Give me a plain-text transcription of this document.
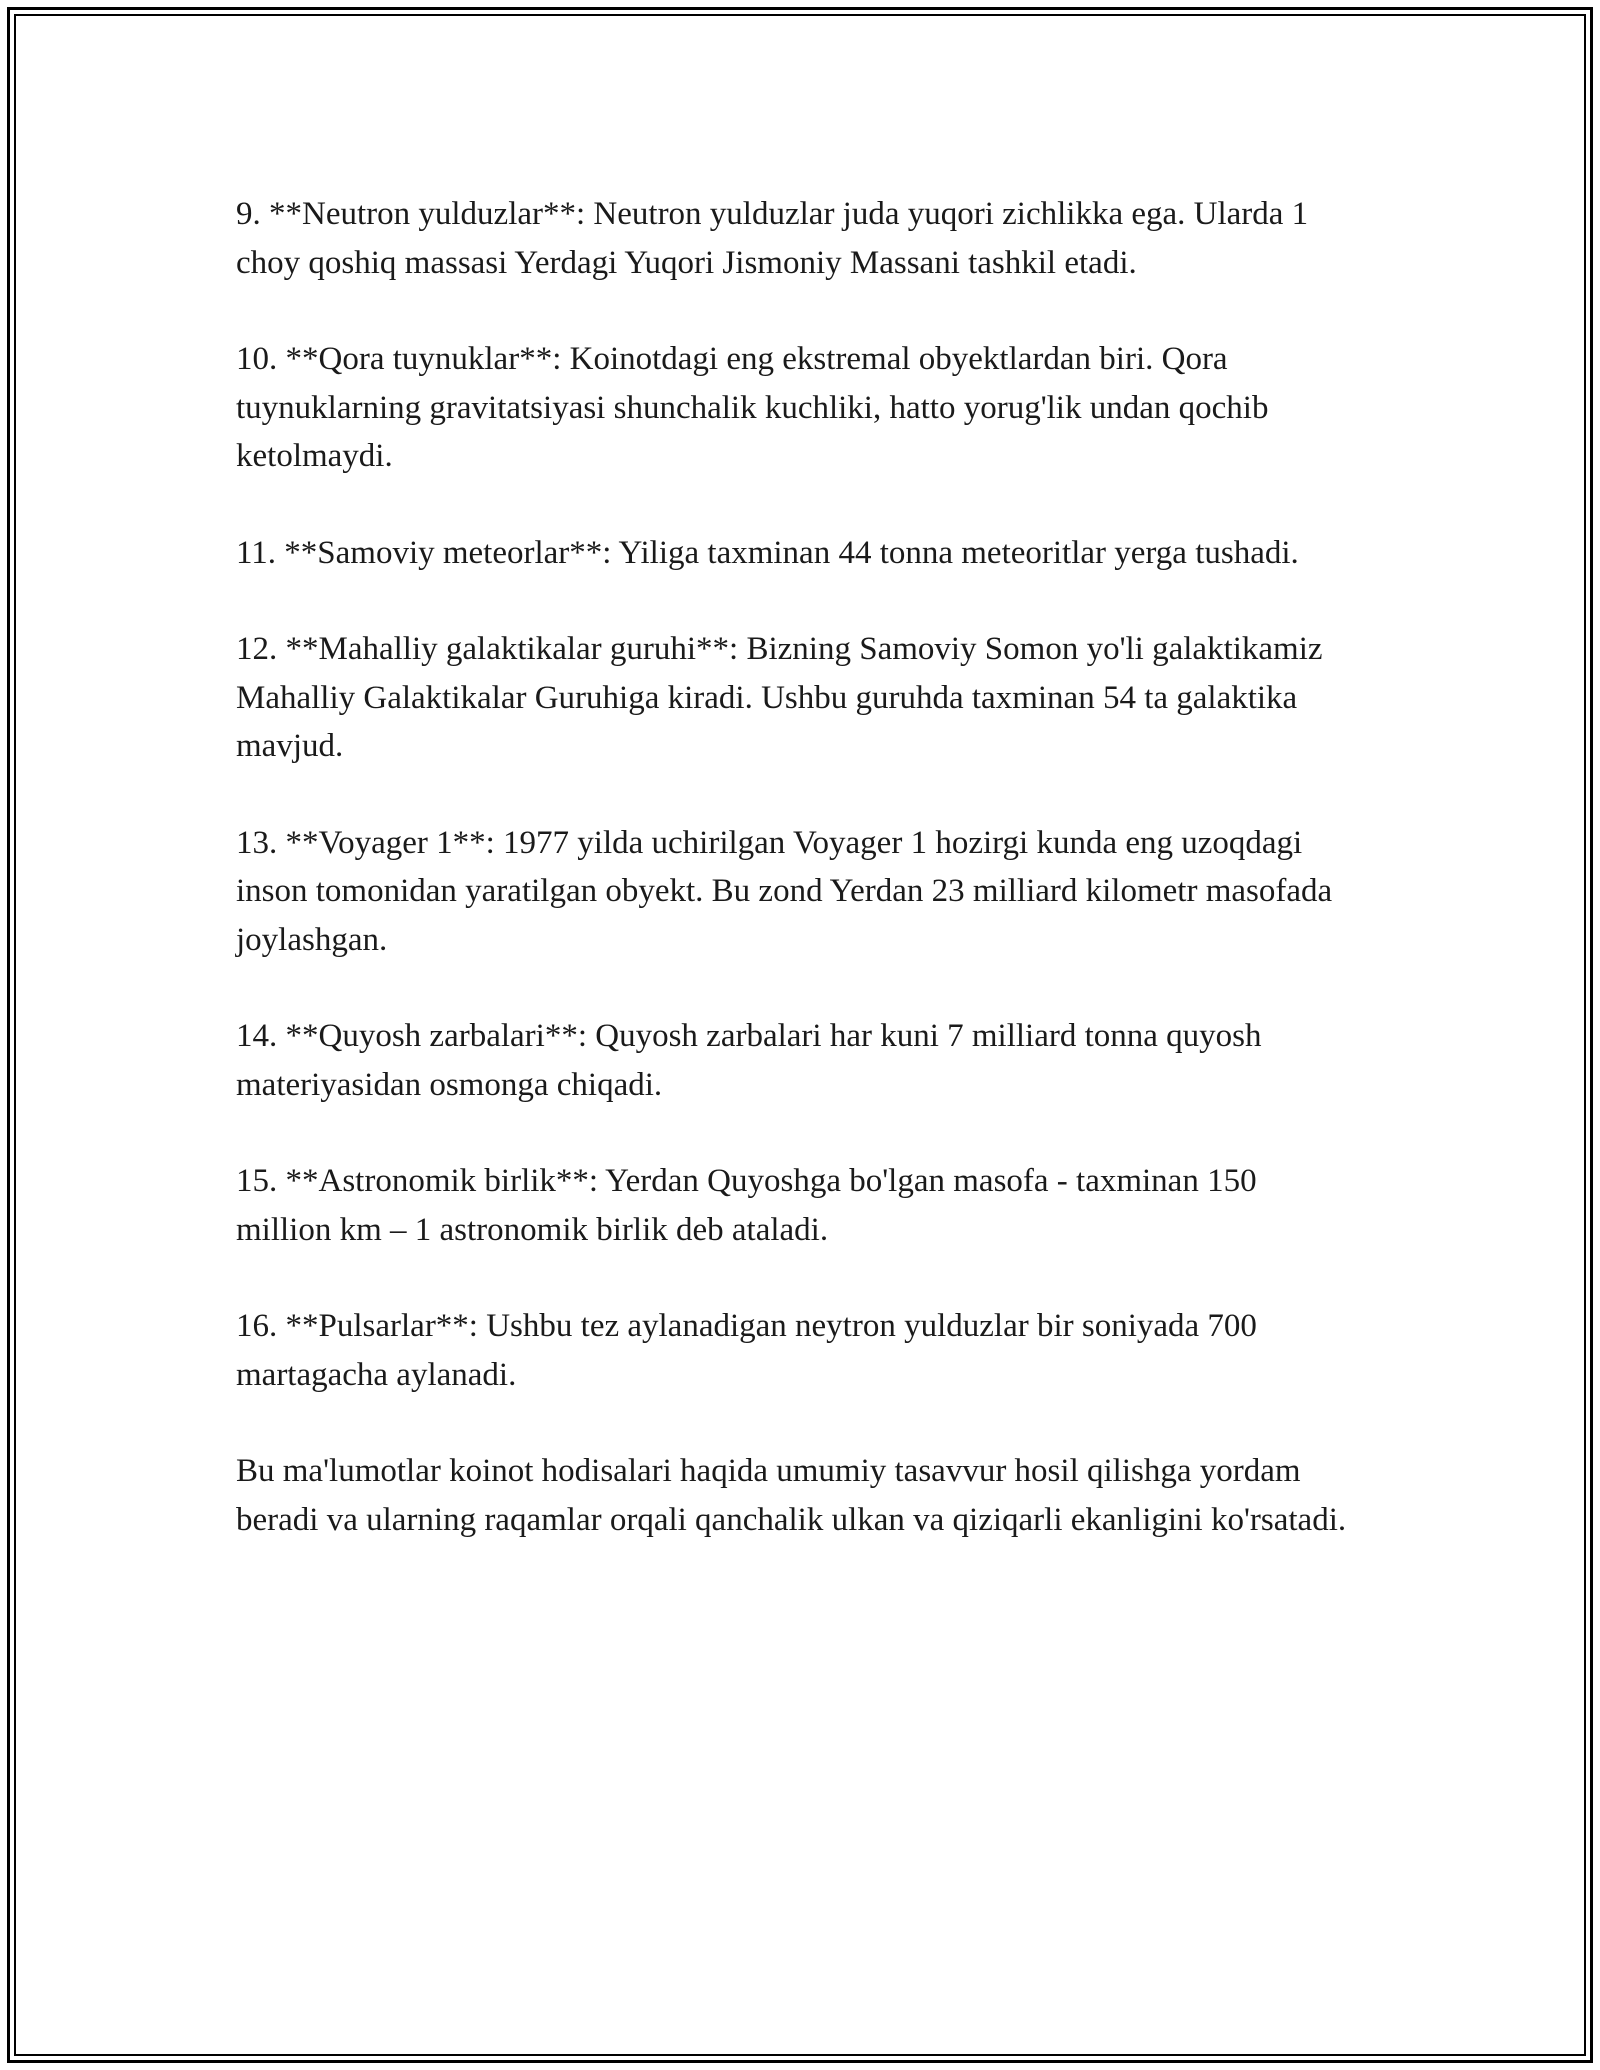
9. **Neutron yulduzlar**: Neutron yulduzlar juda yuqori zichlikka ega. Ularda 1 choy qoshiq massasi Yerdagi Yuqori Jismoniy Massani tashkil etadi.

10. **Qora tuynuklar**: Koinotdagi eng ekstremal obyektlardan biri. Qora tuynuklarning gravitatsiyasi shunchalik kuchliki, hatto yorug'lik undan qochib ketolmaydi.

11. **Samoviy meteorlar**: Yiliga taxminan 44 tonna meteoritlar yerga tushadi.

12. **Mahalliy galaktikalar guruhi**: Bizning Samoviy Somon yo'li galaktikamiz Mahalliy Galaktikalar Guruhiga kiradi. Ushbu guruhda taxminan 54 ta galaktika mavjud.

13. **Voyager 1**: 1977 yilda uchirilgan Voyager 1 hozirgi kunda eng uzoqdagi inson tomonidan yaratilgan obyekt. Bu zond Yerdan 23 milliard kilometr masofada joylashgan.

14. **Quyosh zarbalari**: Quyosh zarbalari har kuni 7 milliard tonna quyosh materiyasidan osmonga chiqadi.

15. **Astronomik birlik**: Yerdan Quyoshga bo'lgan masofa - taxminan 150 million km – 1 astronomik birlik deb ataladi.

16. **Pulsarlar**: Ushbu tez aylanadigan neytron yulduzlar bir soniyada 700 martagacha aylanadi.

Bu ma'lumotlar koinot hodisalari haqida umumiy tasavvur hosil qilishga yordam beradi va ularning raqamlar orqali qanchalik ulkan va qiziqarli ekanligini ko'rsatadi.
